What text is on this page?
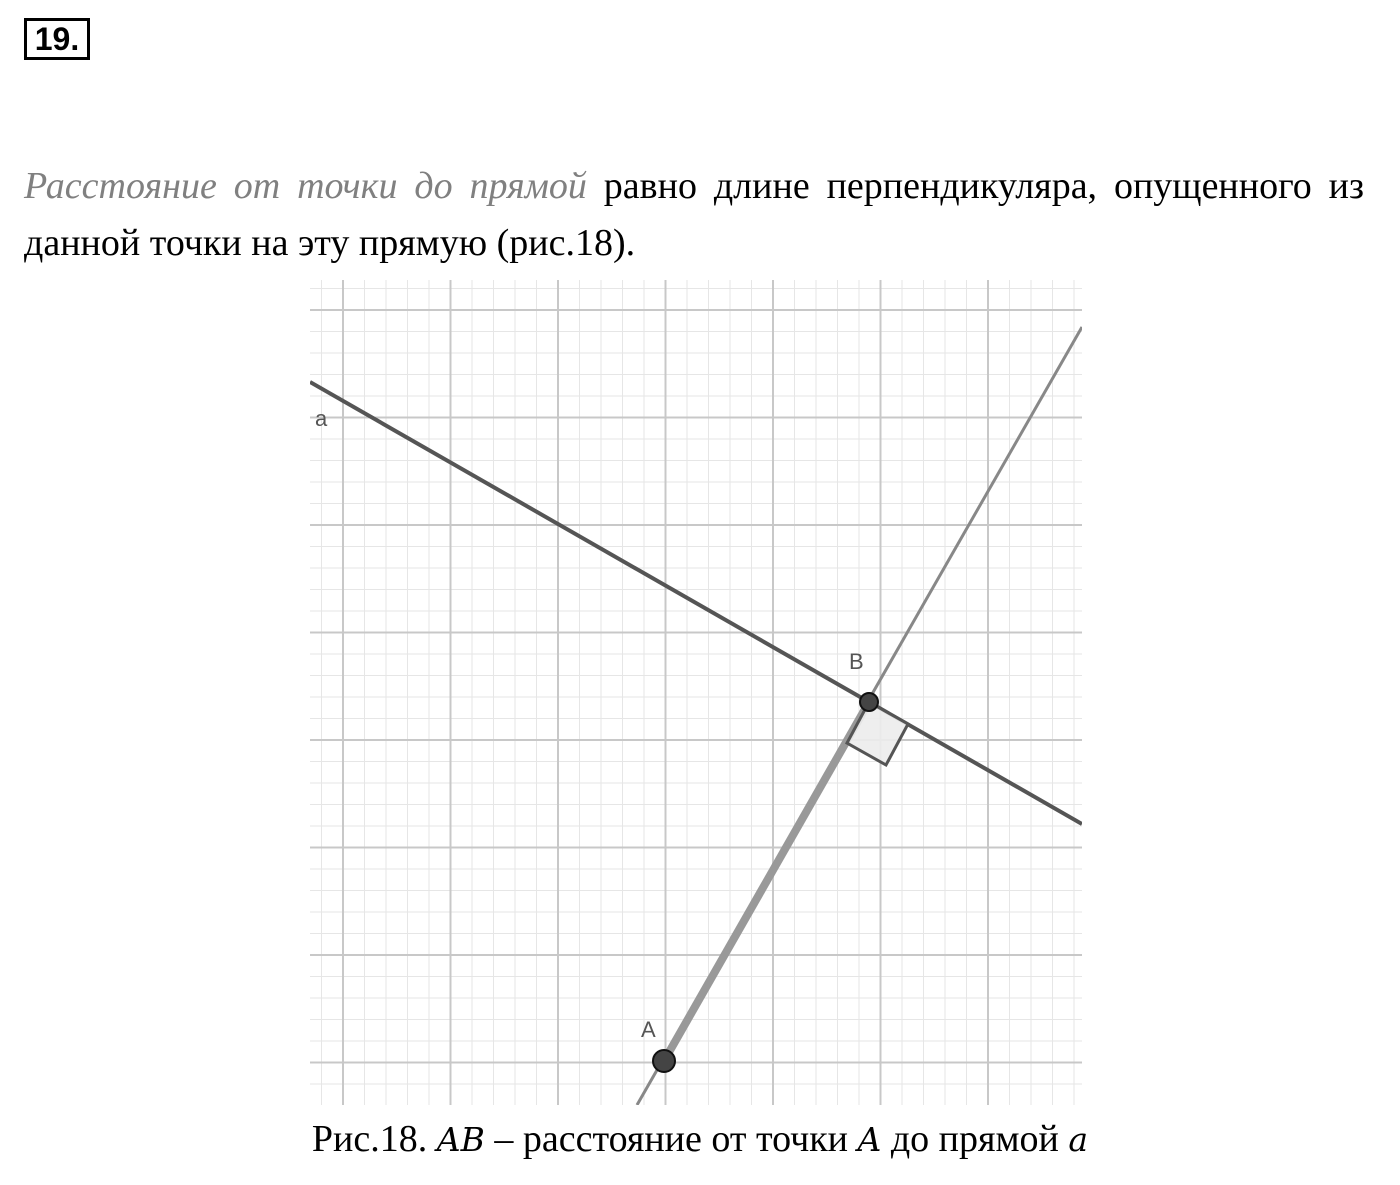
19.

Расстояние от точки до прямой равно длине перпендикуляра, опущенного из данной точки на эту прямую (рис.18).

a
B
A
Рис.18. AB – расстояние от точки A до прямой a
